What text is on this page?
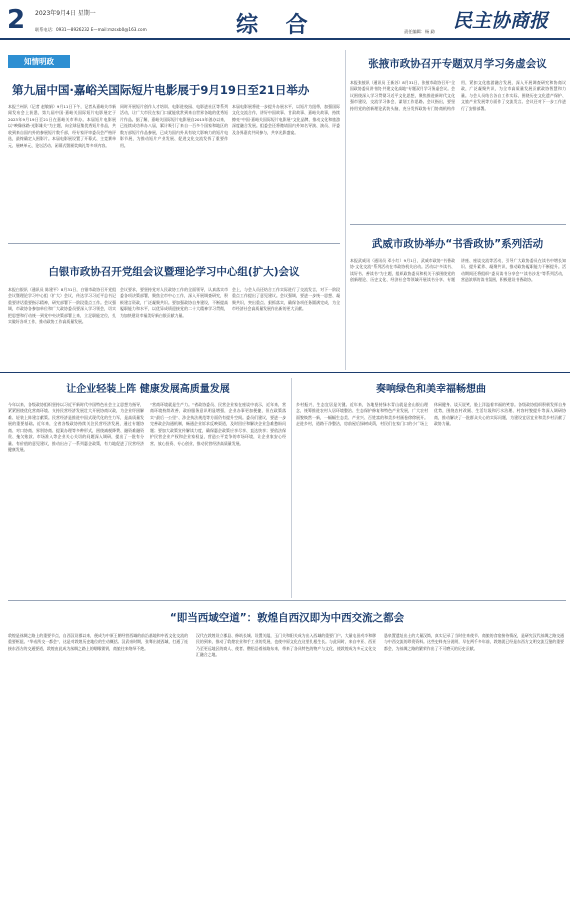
2 2023年9月4日 星期一
联系电话：0931—8926232 E—mail:mzsxb0@163.com	综 合	责任编辑：杨 勐 民主协商报
知情明政
第九届中国·嘉峪关国际短片电影展于9月19日至21日举办
本报兰州讯（记者 赵敏娟）9月11日下午，记者从嘉峪关市新闻发布会上获悉，第九届中国·嘉峪关国际短片电影展定于2023年9月19日至21日在嘉峪关市举办。本届短片电影展以“映像丝路·光影雄关”为主题，向全球征集优秀短片作品，共收到来自国内外的参展短片数千部，经专家评审委员会严格评选，最终确定入围影片。本届电影展设置了开幕式、主竞赛单元、展映单元、论坛活动、闭幕式暨颁奖典礼等多项内容。
同时开展短片创作人才培训、电影进校园、电影进社区等系列活动，让广大市民在家门口就能欣赏到来自世界各地的优秀短片作品。据了解，嘉峪关国际短片电影展自2015年创办以来，已连续成功举办八届，累计吸引了来自一百多个国家和地区的数万部短片作品参展，已成为国内外具有较大影响力的短片电影节展，为推动短片产业发展、促进文化交流发挥了重要作用。
本届电影展将进一步提升办展水平，以短片为纽带，加强国际文化交流合作，讲好中国故事、甘肃故事、嘉峪关故事，持续擦亮“中国·嘉峪关国际短片电影展”文化品牌，推动文化和旅游深度融合发展。组委会还将邀请国内外知名导演、演员、评委及各界嘉宾共同参与，共享光影盛宴。
张掖市政协召开专题双月学习务虚会议
本报张掖讯（通讯员 王新苏）8月31日，张掖市政协召开“全国政协委员讲书院·共建文化高地”专题双月学习务虚会议。会议围绕深入学习贯彻习近平文化思想，聚焦推进新时代文化强市建设，交流学习体会，谋划工作思路。会议指出，要坚持用党的创新理论武装头脑，充分发挥政协专门协商机构作用，紧扣文化旅游融合发展，深入开展调查研究和协商议政，广泛凝聚共识，为全市高质量发展贡献政协智慧和力量。与会人员结合各自工作实际，围绕历史文化遗产保护、文旅产业发展等方面作了交流发言。会议还对下一步工作进行了安排部署。
白银市政协召开党组会议暨理论学习中心组(扩大)会议
本报白银讯（通讯员 陈建平）8月31日，白银市政协召开党组会议暨理论学习中心组（扩大）会议，传达学习习近平总书记重要讲话重要指示精神，研究部署下一阶段重点工作。会议强调，市政协各参加单位和广大政协委员要深入学习领会，切实把思想和行动统一到党中央决策部署上来，立足职能定位，扎实做好各项工作，推动政协工作高质量发展。
会议要求，要坚持党对人民政协工作的全面领导，认真落实市委各项决策部署，聚焦全市中心工作，深入开展调查研究，积极建言资政，广泛凝聚共识。要加强政协自身建设，不断提高履职能力和水平，以优异成绩迎接党的二十大精神学习贯彻，为加快建设幸福美好新白银贡献力量。
会上，与会人员还结合工作实际进行了交流发言，对下一阶段重点工作提出了意见建议。会议强调，要进一步统一思想、凝聚共识，突出重点、狠抓落实，确保各项任务圆满完成，为全市经济社会高质量发展作出新的更大贡献。
武威市政协举办“书香政协”系列活动
本报武威讯（通讯员 邓小红）9月1日，武威市政协“书香政协·文化交流”系列活动在市政协机关启动。活动以“多读书、读好书、善读书”为主题，组织政协委员和机关干部围绕党的创新理论、历史文化、经济社会等领域开展读书分享、专题讲座、座谈交流等活动，引导广大政协委员在读书中增长知识、提升素养、凝聚共识，推动政协履职能力不断提升。活动期间还将组织“委员读书分享会”“读书沙龙”等系列活动，营造浓厚的读书氛围，积极建设书香政协。
让企业轻装上阵 健康发展高质量发展
今年以来，各级政协组织坚持以习近平新时代中国特色社会主义思想为指导，紧紧围绕优化营商环境、支持民营经济发展壮大开展协商议政，为企业纾困解难、轻装上阵建言献策。民营经济是推进中国式现代化的生力军，是高质量发展的重要基础。近年来，全省各级政协持续关注民营经济发展，通过专题协商、对口协商、界别协商、提案办理等多种形式，围绕减税降费、融资难融资贵、拖欠账款、市场准入等企业关心关切的问题深入调研，提出了一批有分量、有价值的意见建议，推动出台了一系列惠企政策，有力地促进了民营经济健康发展。
“营商环境就是生产力。”省政协委员、民营企业家在座谈中表示，近年来，营商环境持续改善，政府服务意识明显增强，企业办事更加便捷，但在政策落实“最后一公里”、涉企执法规范等方面仍有提升空间。委员们建议，要进一步完善政企沟通机制，畅通企业诉求反映渠道，及时回应和解决企业急难愁盼问题；要加大政策宣传解读力度，确保惠企政策应享尽享、直达快享；要依法保护民营企业产权和企业家权益，营造公平竞争的市场环境，让企业家安心经营、放心投资、专心创业，推动民营经济高质量发展。
奏响绿色和美幸福畅想曲
乡村振兴，生态宜居是关键。近年来，各地坚持绿水青山就是金山银山理念，统筹推进农村人居环境整治、生态保护修复和特色产业发展，广大农村面貌焕然一新，一幅幅生态美、产业兴、百姓富的和美乡村画卷徐徐展开。走进乡村，道路干净整洁，房前屋后绿树成荫，村民们在家门口的小广场上休闲健身、谈天说笑，脸上洋溢着幸福的笑容。各级政协组织积极发挥自身优势，围绕农村改厕、生活垃圾和污水治理、村容村貌提升等深入调研协商，推动解决了一批群众关心的实际问题，为建设宜居宜业和美乡村贡献了政协力量。
“即当西域空道”：敦煌自西汉即为中西交流之都会
敦煌是丝绸之路上的重要节点，自西汉设郡以来，便成为中原王朝经营西域的前沿基地和中西文化交流的重要枢纽。“华戎所交一都会”，这是对敦煌历史地位的生动概括。汉武帝时期，张骞出使西域，打通了连接东西方的交通要道，敦煌由此成为丝绸之路上的咽喉锁钥，商旅往来络绎不绝。
汉代在敦煌设立郡县、修筑长城、设置关隘，玉门关和阳关成为出入西域的重要门户。大量屯田戍卒和移民的到来，推动了敦煌农业和手工业的发展，也使中原文化在这里扎根生长。与此同时，来自中亚、西亚乃至更远地区的商人、使者、僧侣沿着丝路东来，带来了各具特色的物产与文化，使敦煌成为多元文化交汇融合之地。
悬泉置遗址出土的大量汉简，真实记录了当时往来使节、商旅的食宿接待情况，是研究汉代丝绸之路交通与中西交流的珍贵资料。这些史料充分说明，早在两千多年前，敦煌就已经是东西方文明交流互鉴的重要都会，为丝绸之路的繁荣作出了不可磨灭的历史贡献。
